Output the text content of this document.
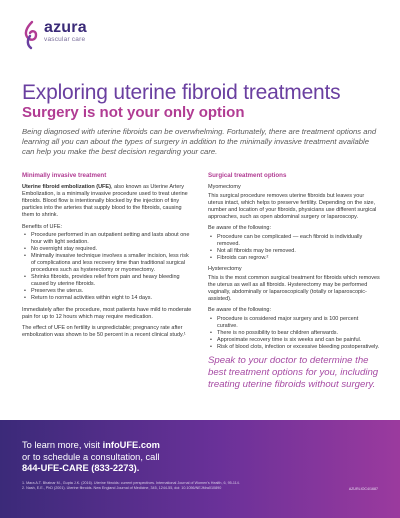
azura
vascular care
Exploring uterine fibroid treatments
Surgery is not your only option

Being diagnosed with uterine fibroids can be overwhelming. Fortunately, there are treatment options and learning all you can about the types of surgery in addition to the minimally invasive treatment available can help you make the best decision regarding your care.

Minimally invasive treatment

Uterine fibroid embolization (UFE), also known as Uterine Artery Embolization, is a minimally invasive procedure used to treat uterine fibroids. Blood flow is intentionally blocked by the injection of tiny particles into the arteries that supply blood to the fibroids, causing them to shrink.

Benefits of UFE:
• Procedure performed in an outpatient setting and lasts about one hour with light sedation.
• No overnight stay required.
• Minimally invasive technique involves a smaller incision, less risk of complications and less recovery time than traditional surgical procedures such as hysterectomy or myomectomy.
• Shrinks fibroids, provides relief from pain and heavy bleeding caused by uterine fibroids.
• Preserves the uterus.
• Return to normal activities within eight to 14 days.

Immediately after the procedure, most patients have mild to moderate pain for up to 12 hours which may require medication.

The effect of UFE on fertility is unpredictable; pregnancy rate after embolization was shown to be 50 percent in a recent clinical study.¹

Surgical treatment options
Myomectomy

This surgical procedure removes uterine fibroids but leaves your uterus intact, which helps to preserve fertility. Depending on the size, number and location of your fibroids, physicians use different surgical approaches, such as open abdominal surgery or laparoscopy.

Be aware of the following:
• Procedure can be complicated — each fibroid is individually removed.
• Not all fibroids may be removed.
• Fibroids can regrow.²
Hysterectomy

This is the most common surgical treatment for fibroids which removes the uterus as well as all fibroids. Hysterectomy may be performed vaginally, abdominally or laparoscopically (totally or laparoscopic-assisted).

Be aware of the following:
• Procedure is considered major surgery and is 100 percent curative.
• There is no possibility to bear children afterwards.
• Approximate recovery time is six weeks and can be painful.
• Risk of blood clots, infection or excessive bleeding postoperatively.

Speak to your doctor to determine the best treatment options for you, including treating uterine fibroids without surgery.

To learn more, visit infoUFE.com
or to schedule a consultation, call
844-UFE-CARE (833-2273).
1. Mara A.T. Bhatnar M., Gupta J.K. (2016). Uterine fibroids: current perspectives. International Journal of Women's Health, 6, 95-114.
2. Nash, E.E., PhD (2001). Uterine fibroids. New England Journal of Medicine, 345, 1244-55, doi: 10.1056/NEJMra010890	AZURLIOC4/1687
